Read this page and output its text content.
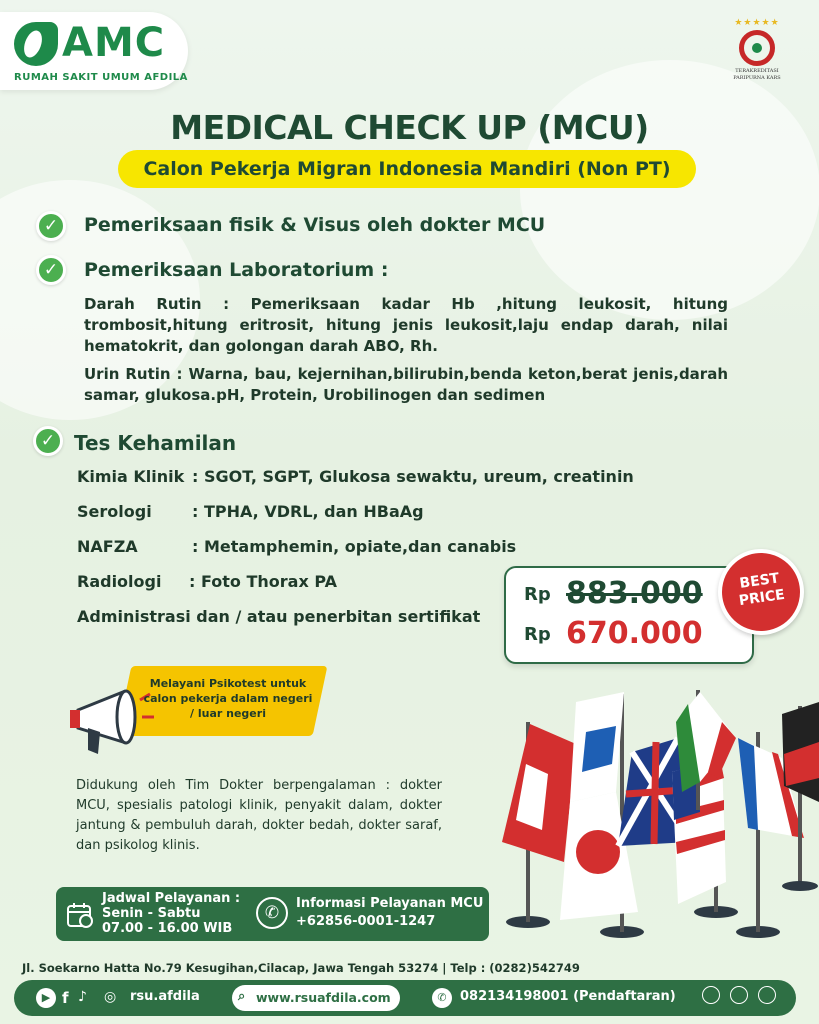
AMC
RUMAH SAKIT UMUM AFDILA
★★★★★
TERAKREDITASI PARIPURNA KARS
MEDICAL CHECK UP (MCU)
Calon Pekerja Migran Indonesia Mandiri (Non PT)
✓	Pemeriksaan fisik & Visus oleh dokter MCU
✓	Pemeriksaan Laboratorium :
Darah Rutin : Pemeriksaan kadar Hb ,hitung leukosit, hitung trombosit,hitung eritrosit, hitung jenis leukosit,laju endap darah, nilai hematokrit, dan golongan darah ABO, Rh.
Urin Rutin : Warna, bau, kejernihan,bilirubin,benda keton,berat jenis,darah samar, glukosa.pH, Protein, Urobilinogen dan sedimen
✓ Tes Kehamilan
Kimia Klinik : SGOT, SGPT, Glukosa sewaktu, ureum, creatinin
Serologi	: TPHA, VDRL, dan HBaAg
NAFZA	: Metamphemin, opiate,dan canabis
Radiologi : Foto Thorax PA
Administrasi dan / atau penerbitan sertifikat
Rp 883.000
Rp 670.000
BEST
PRICE
Melayani Psikotest untuk calon pekerja dalam negeri / luar negeri
Didukung oleh Tim Dokter berpengalaman : dokter MCU, spesialis patologi klinik, penyakit dalam, dokter jantung & pembuluh darah, dokter bedah, dokter saraf, dan psikolog klinis.
Jadwal Pelayanan :
Senin - Sabtu
07.00 - 16.00 WIB
✆	Informasi Pelayanan MCU
+62856-0001-1247
Jl. Soekarno Hatta No.79 Kesugihan,Cilacap, Jawa Tengah 53274 | Telp : (0282)542749
▶ f ♪ ◎ rsu.afdila	⌕ www.rsuafdila.com	✆	082134198001 (Pendaftaran)
